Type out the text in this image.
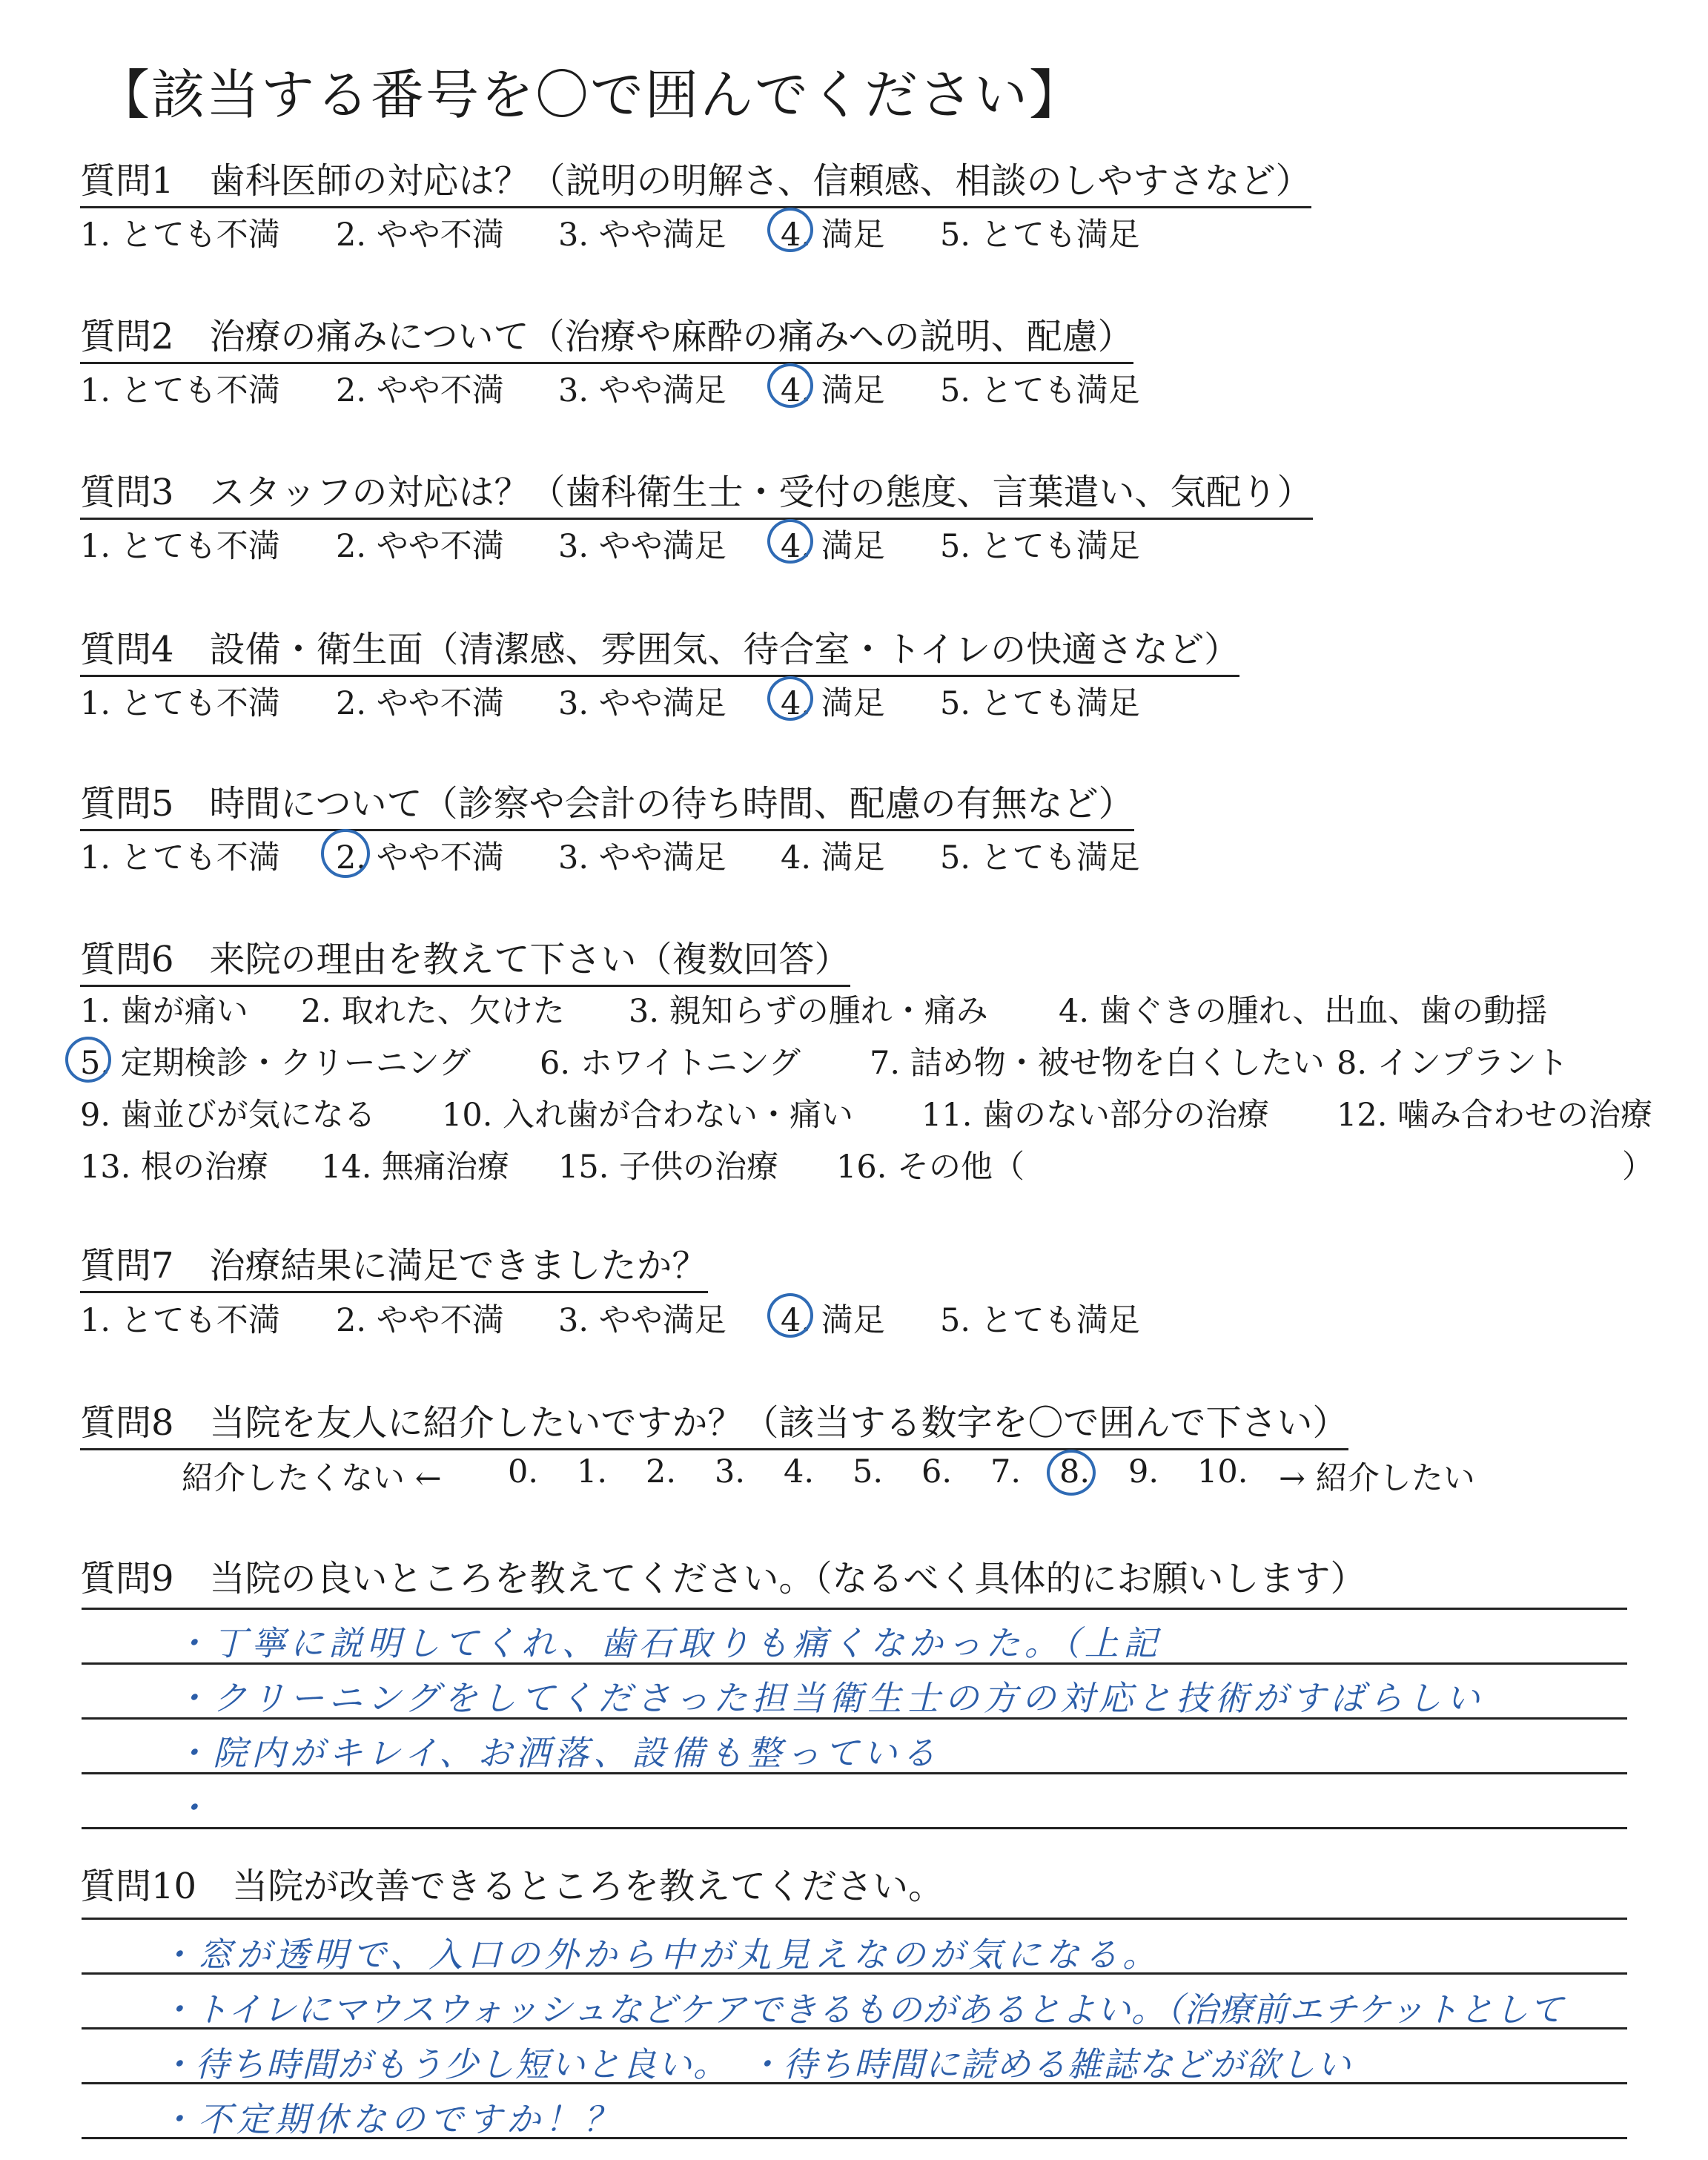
【該当する番号を〇で囲んでください】
質問1　歯科医師の対応は？（説明の明解さ、信頼感、相談のしやすさなど）
1. とても不満 2. やや不満 3. やや満足 4. 満足 5. とても満足
質問2　治療の痛みについて（治療や麻酔の痛みへの説明、配慮）
1. とても不満 2. やや不満 3. やや満足 4. 満足 5. とても満足
質問3　スタッフの対応は？（歯科衛生士・受付の態度、言葉遣い、気配り）
1. とても不満 2. やや不満 3. やや満足 4. 満足 5. とても満足
質問4　設備・衛生面（清潔感、雰囲気、待合室・トイレの快適さなど）
1. とても不満 2. やや不満 3. やや満足 4. 満足 5. とても満足
質問5　時間について（診察や会計の待ち時間、配慮の有無など）
1. とても不満 2. やや不満 3. やや満足 4. 満足 5. とても満足
質問6　来院の理由を教えて下さい（複数回答）
1. 歯が痛い 2. 取れた、欠けた 3. 親知らずの腫れ・痛み 4. 歯ぐきの腫れ、出血、歯の動揺
5. 定期検診・クリーニング 6. ホワイトニング 7. 詰め物・被せ物を白くしたい 8. インプラント
9. 歯並びが気になる 10. 入れ歯が合わない・痛い 11. 歯のない部分の治療 12. 噛み合わせの治療
13. 根の治療 14. 無痛治療 15. 子供の治療 16. その他（	）
質問7　治療結果に満足できましたか？
1. とても不満 2. やや不満 3. やや満足 4. 満足 5. とても満足
質問8　当院を友人に紹介したいですか？（該当する数字を〇で囲んで下さい）
紹介したくない ← 0. 1. 2. 3. 4. 5. 6. 7. 8. 9. 10. → 紹介したい
質問9　当院の良いところを教えてください。（なるべく具体的にお願いします）
・丁寧に説明してくれ、歯石取りも痛くなかった。（上記
・クリーニングをしてくださった担当衛生士の方の対応と技術がすばらしい
・院内がキレイ、お洒落、設備も整っている
・
質問10　当院が改善できるところを教えてください。
・窓が透明で、入口の外から中が丸見えなのが気になる。
・トイレにマウスウォッシュなどケアできるものがあるとよい。（治療前エチケットとして
・待ち時間がもう少し短いと良い。　・待ち時間に読める雑誌などが欲しい
・不定期休なのですか！？
